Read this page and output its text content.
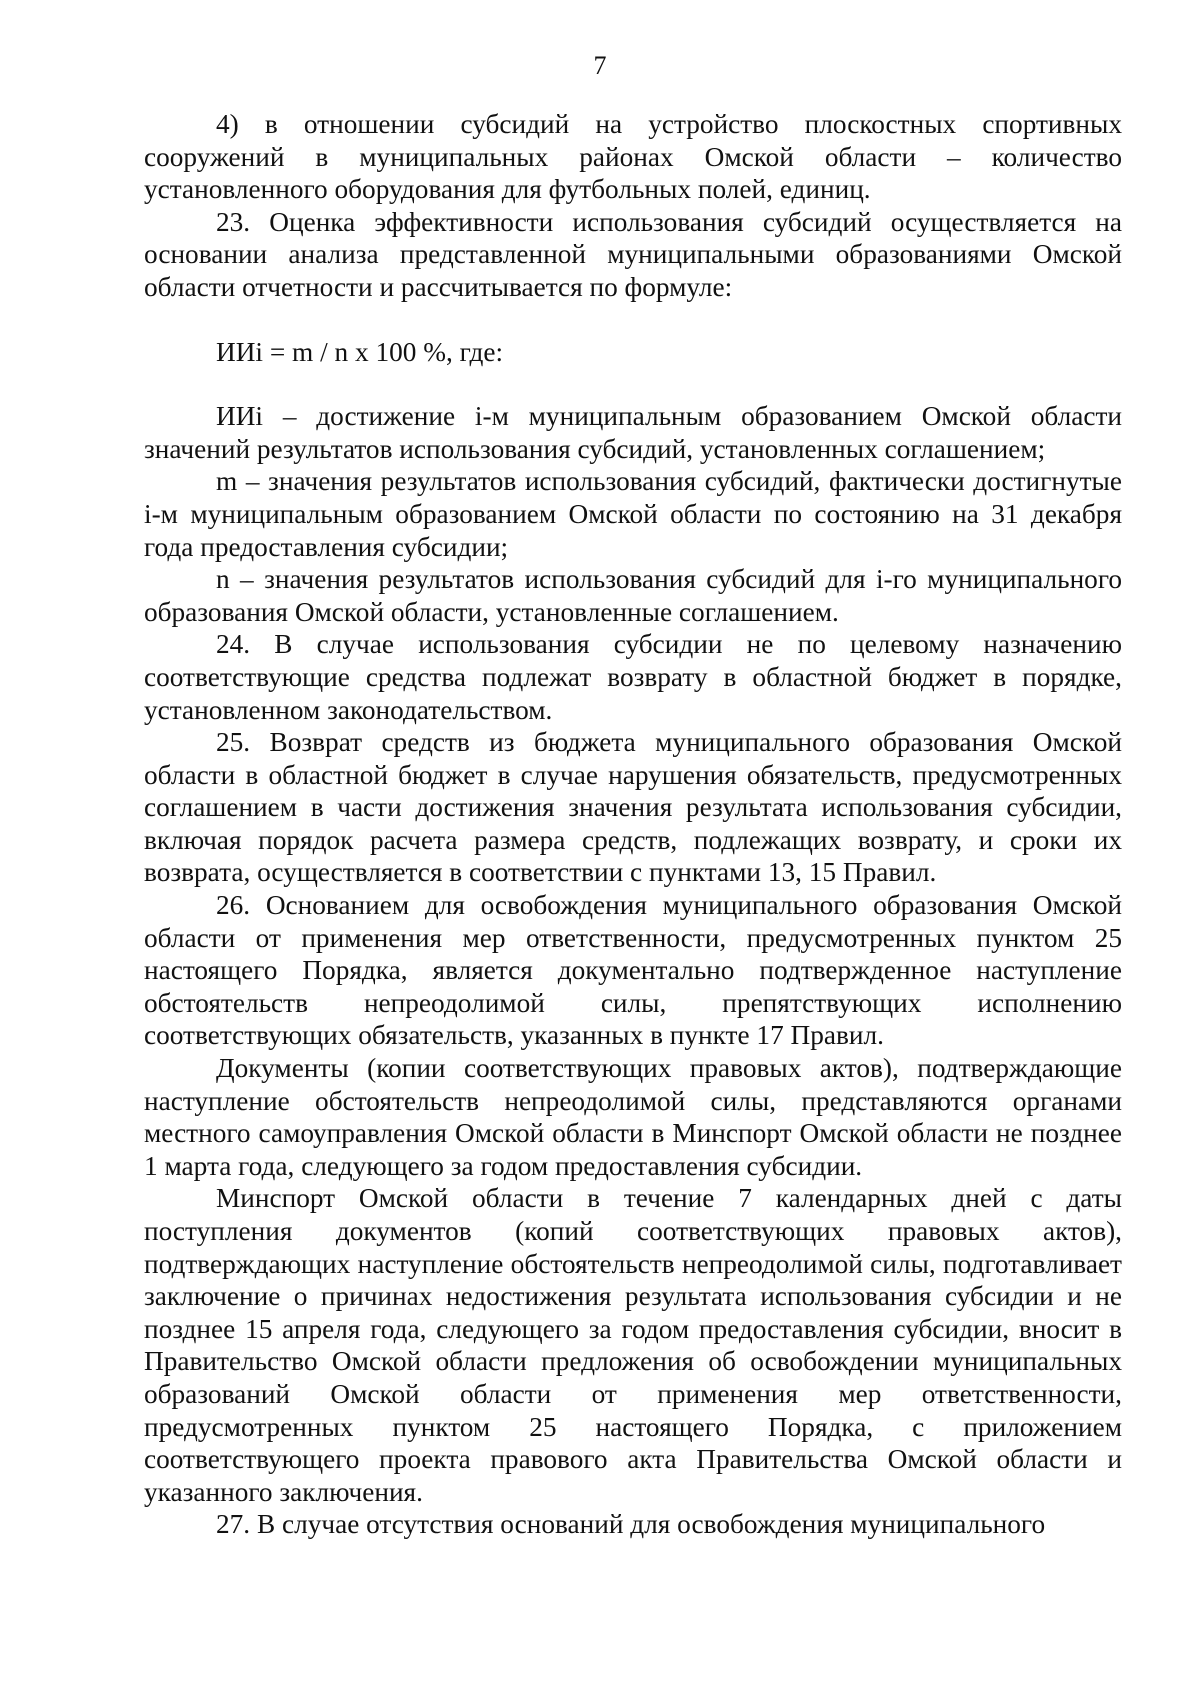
7

4) в отношении субсидий на устройство плоскостных спортивных сооружений в муниципальных районах Омской области – количество установленного оборудования для футбольных полей, единиц.

23. Оценка эффективности использования субсидий осуществляется на основании анализа представленной муниципальными образованиями Омской области отчетности и рассчитывается по формуле:

ИИi = m / n x 100 %, где:

ИИi – достижение i-м муниципальным образованием Омской области значений результатов использования субсидий, установленных соглашением;

m – значения результатов использования субсидий, фактически достигнутые i-м муниципальным образованием Омской области по состоянию на 31 декабря года предоставления субсидии;

n – значения результатов использования субсидий для i-го муниципального образования Омской области, установленные соглашением.

24. В случае использования субсидии не по целевому назначению соответствующие средства подлежат возврату в областной бюджет в порядке, установленном законодательством.

25. Возврат средств из бюджета муниципального образования Омской области в областной бюджет в случае нарушения обязательств, предусмотренных соглашением в части достижения значения результата использования субсидии, включая порядок расчета размера средств, подлежащих возврату, и сроки их возврата, осуществляется в соответствии с пунктами 13, 15 Правил.

26. Основанием для освобождения муниципального образования Омской области от применения мер ответственности, предусмотренных пунктом 25 настоящего Порядка, является документально подтвержденное наступление обстоятельств непреодолимой силы, препятствующих исполнению соответствующих обязательств, указанных в пункте 17 Правил.

Документы (копии соответствующих правовых актов), подтверждающие наступление обстоятельств непреодолимой силы, представляются органами местного самоуправления Омской области в Минспорт Омской области не позднее 1 марта года, следующего за годом предоставления субсидии.

Минспорт Омской области в течение 7 календарных дней с даты поступления документов (копий соответствующих правовых актов), подтверждающих наступление обстоятельств непреодолимой силы, подготавливает заключение о причинах недостижения результата использования субсидии и не позднее 15 апреля года, следующего за годом предоставления субсидии, вносит в Правительство Омской области предложения об освобождении муниципальных образований Омской области от применения мер ответственности, предусмотренных пунктом 25 настоящего Порядка, с приложением соответствующего проекта правового акта Правительства Омской области и указанного заключения.

27. В случае отсутствия оснований для освобождения муниципального
